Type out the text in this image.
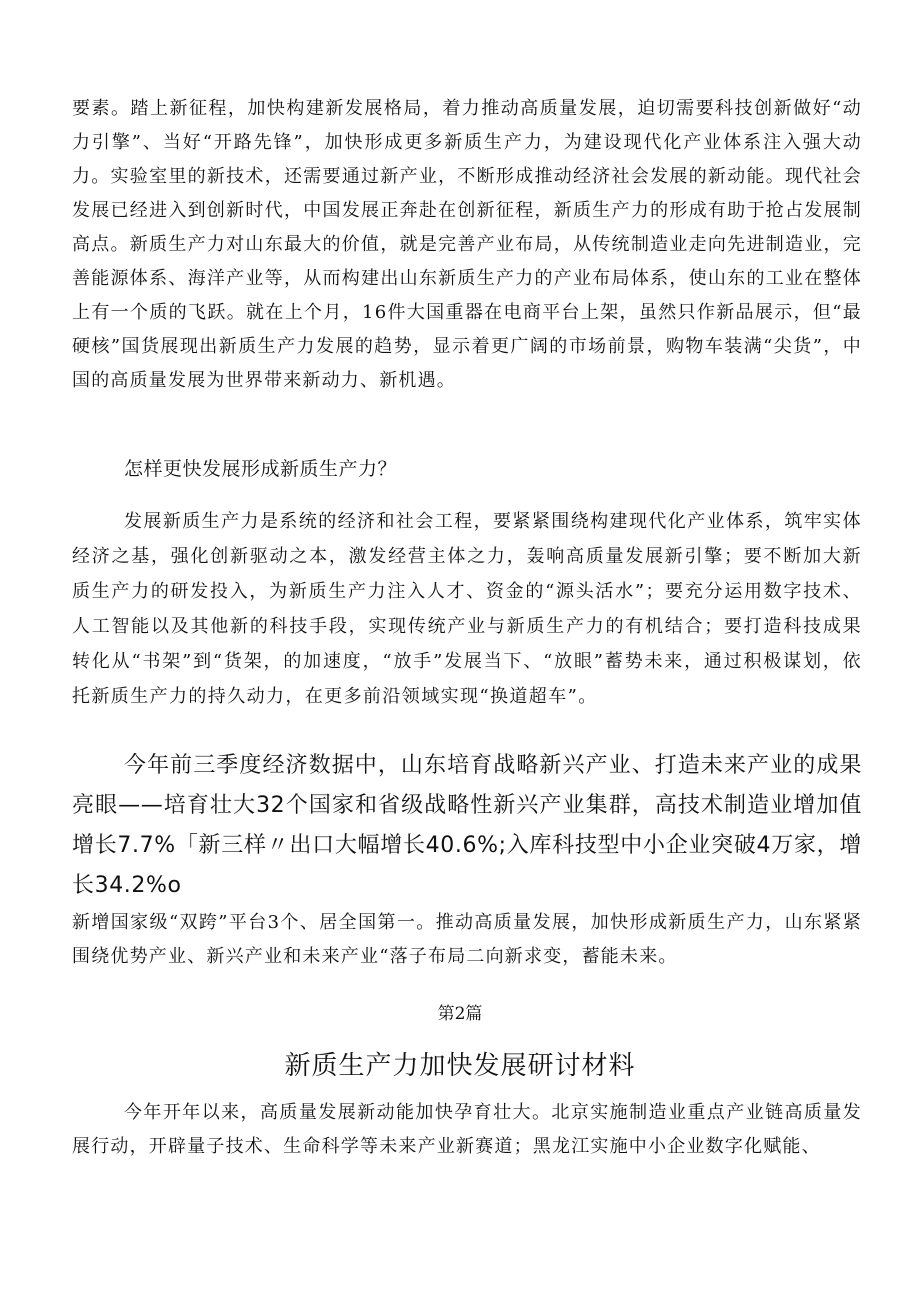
要素。踏上新征程，加快构建新发展格局，着力推动高质量发展，迫切需要科技创新做好“动力引擎”、当好“开路先锋”，加快形成更多新质生产力，为建设现代化产业体系注入强大动力。实验室里的新技术，还需要通过新产业，不断形成推动经济社会发展的新动能。现代社会发展已经进入到创新时代，中国发展正奔赴在创新征程，新质生产力的形成有助于抢占发展制高点。新质生产力对山东最大的价值，就是完善产业布局，从传统制造业走向先进制造业，完善能源体系、海洋产业等，从而构建出山东新质生产力的产业布局体系，使山东的工业在整体上有一个质的飞跃。就在上个月，16件大国重器在电商平台上架，虽然只作新品展示，但“最硬核”国货展现出新质生产力发展的趋势，显示着更广阔的市场前景，购物车装满“尖货”，中国的高质量发展为世界带来新动力、新机遇。

怎样更快发展形成新质生产力？

发展新质生产力是系统的经济和社会工程，要紧紧围绕构建现代化产业体系，筑牢实体经济之基，强化创新驱动之本，激发经营主体之力，轰响高质量发展新引擎；要不断加大新质生产力的研发投入，为新质生产力注入人才、资金的“源头活水”；要充分运用数字技术、人工智能以及其他新的科技手段，实现传统产业与新质生产力的有机结合；要打造科技成果转化从“书架”到“货架，的加速度，“放手”发展当下、“放眼”蓄势未来，通过积极谋划，依托新质生产力的持久动力，在更多前沿领域实现“换道超车”。

今年前三季度经济数据中，山东培育战略新兴产业、打造未来产业的成果亮眼——培育壮大32个国家和省级战略性新兴产业集群，高技术制造业增加值增长7.7%「新三样〃出口大幅增长40.6%;入库科技型中小企业突破4万家，增长34.2%o

新增国家级“双跨”平台3个、居全国第一。推动高质量发展，加快形成新质生产力，山东紧紧围绕优势产业、新兴产业和未来产业“落子布局二向新求变，蓄能未来。

第2篇

新质生产力加快发展研讨材料

今年开年以来，高质量发展新动能加快孕育壮大。北京实施制造业重点产业链高质量发展行动，开辟量子技术、生命科学等未来产业新赛道；黑龙江实施中小企业数字化赋能、
